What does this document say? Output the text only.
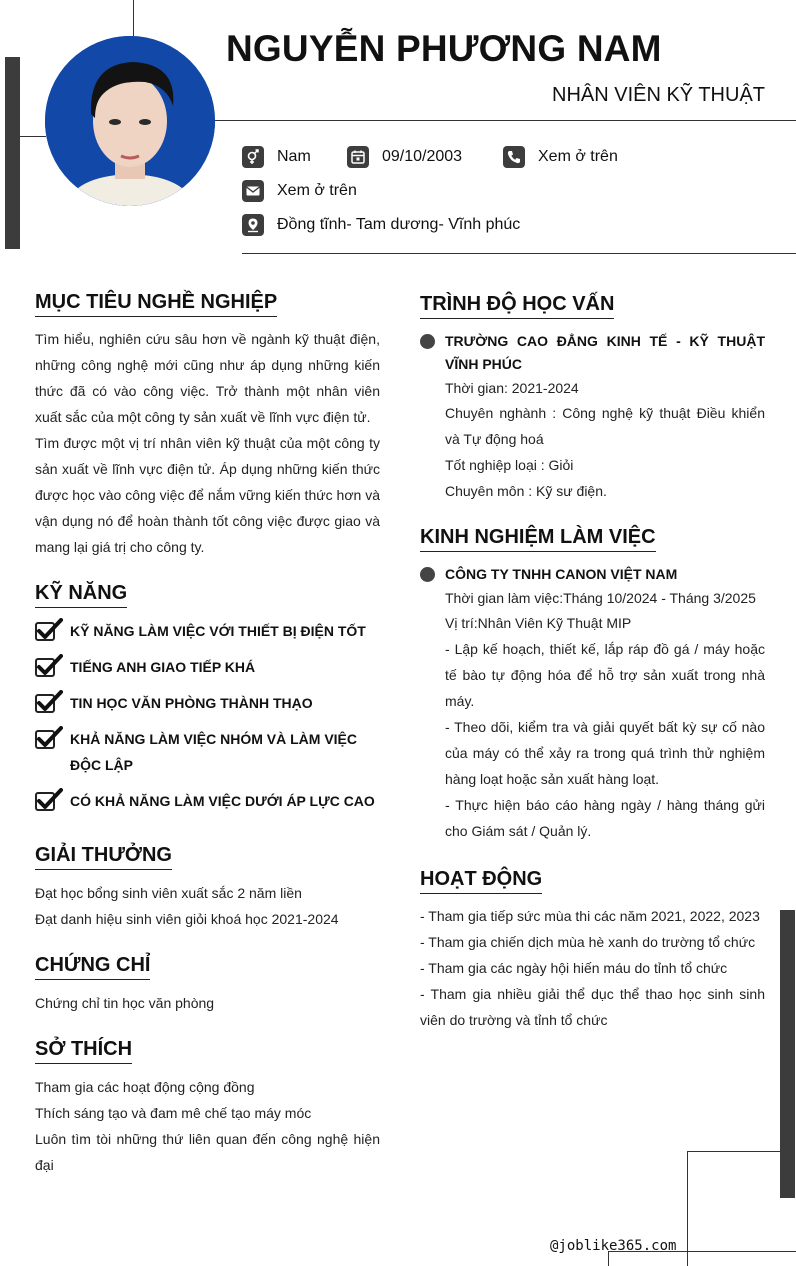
NGUYỄN PHƯƠNG NAM
NHÂN VIÊN KỸ THUẬT
Nam	09/10/2003	Xem ở trên
Xem ở trên
Đồng tĩnh- Tam dương- Vĩnh phúc
MỤC TIÊU NGHỀ NGHIỆP

Tìm hiểu, nghiên cứu sâu hơn về ngành kỹ thuật điện, những công nghệ mới cũng như áp dụng những kiến thức đã có vào công việc. Trở thành một nhân viên xuất sắc của một công ty sản xuất về lĩnh vực điện tử.

Tìm được một vị trí nhân viên kỹ thuật của một công ty sản xuất về lĩnh vực điện tử. Áp dụng những kiến thức được học vào công việc để nắm vững kiến thức hơn và vận dụng nó để hoàn thành tốt công việc được giao và mang lại giá trị cho công ty.

KỸ NĂNG
KỸ NĂNG LÀM VIỆC VỚI THIẾT BỊ ĐIỆN TỐT
TIẾNG ANH GIAO TIẾP KHÁ
TIN HỌC VĂN PHÒNG THÀNH THẠO
KHẢ NĂNG LÀM VIỆC NHÓM VÀ LÀM VIỆC ĐỘC LẬP
CÓ KHẢ NĂNG LÀM VIỆC DƯỚI ÁP LỰC CAO
GIẢI THƯỞNG
Đạt học bổng sinh viên xuất sắc 2 năm liền
Đạt danh hiệu sinh viên giỏi khoá học 2021-2024
CHỨNG CHỈ
Chứng chỉ tin học văn phòng
SỞ THÍCH
Tham gia các hoạt động cộng đồng
Thích sáng tạo và đam mê chế tạo máy móc
Luôn tìm tòi những thứ liên quan đến công nghệ hiện đại
TRÌNH ĐỘ HỌC VẤN
TRƯỜNG CAO ĐẲNG KINH TẾ - KỸ THUẬT VĨNH PHÚC
Thời gian: 2021-2024
Chuyên nghành : Công nghệ kỹ thuật Điều khiển và Tự động hoá
Tốt nghiệp loại : Giỏi
Chuyên môn : Kỹ sư điện.
KINH NGHIỆM LÀM VIỆC
CÔNG TY TNHH CANON VIỆT NAM
Thời gian làm việc:Tháng 10/2024 - Tháng 3/2025
Vị trí:Nhân Viên Kỹ Thuật MIP
- Lập kế hoạch, thiết kế, lắp ráp đồ gá / máy hoặc tế bào tự động hóa để hỗ trợ sản xuất trong nhà máy.
- Theo dõi, kiểm tra và giải quyết bất kỳ sự cố nào của máy có thể xảy ra trong quá trình thử nghiệm hàng loạt hoặc sản xuất hàng loạt.
- Thực hiện báo cáo hàng ngày / hàng tháng gửi cho Giám sát / Quản lý.
HOẠT ĐỘNG
- Tham gia tiếp sức mùa thi các năm 2021, 2022, 2023
- Tham gia chiến dịch mùa hè xanh do trường tổ chức
- Tham gia các ngày hội hiến máu do tỉnh tổ chức
- Tham gia nhiều giải thể dục thể thao học sinh sinh viên do trường và tỉnh tổ chức
@joblike365.com
